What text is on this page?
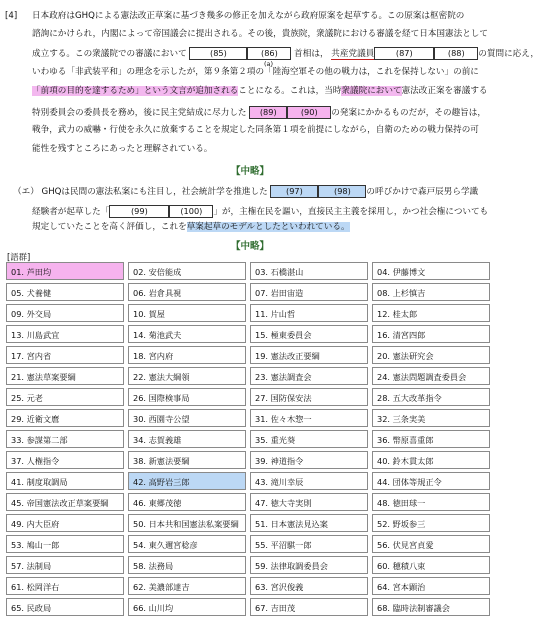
[4] 日本政府はGHQによる憲法改正草案に基づき幾多の修正を加えながら政府原案を起草する。この原案は枢密院の
諮詢にかけられ，内閣によって帝国議会に提出される。その後，貴族院，衆議院における審議を経て日本国憲法として
成立する。この衆議院での審議において	(85)	(86) 首相は， 共産党議員	(87)	(88) の質問に応え，
(a)
いわゆる「非武装平和」の理念を示したが，第９条第２項の「陸海空軍その他の戦力は，これを保持しない」の前に
「前項の目的を達するため」という文言が追加されることになる。これは，当時衆議院において憲法改正案を審議する
特別委員会の委員長を務め，後に民主党結成に尽力した (89)	(90) の発案にかかるものだが，その趣旨は，
戦争，武力の威嚇・行使を永久に放棄することを規定した同条第１項を前提にしながら，自衛のための戦力保持の可
能性を残すところにあったと理解されている。
【中略】
（エ） GHQは民間の憲法私案にも注目し，社会統計学を推進した (97)	(98) の呼びかけで森戸辰男ら学識
経験者が起草した「	(99)	(100) 」が，主権在民を謳い，直接民主主義を採用し，かつ社会権についても
規定していたことを高く評価し，これを草案起草のモデルとしたといわれている。
【中略】
[語群]
01. 芦田均	02. 安倍能成	03. 石橋湛山	04. 伊藤博文
05. 犬養健	06. 岩倉具視	07. 岩田宙造	08. 上杉慎吉
09. 外交局	10. 賀屋	11. 片山哲	12. 桂太郎
13. 川島武宜	14. 菊池武夫	15. 極東委員会	16. 清宮四郎
17. 宮内省	18. 宮内府	19. 憲法改正要綱	20. 憲法研究会
21. 憲法草案要綱	22. 憲法大綱領	23. 憲法調査会	24. 憲法問題調査委員会
25. 元老	26. 国際検事局	27. 国防保安法	28. 五大改革指令
29. 近衛文麿	30. 西園寺公望	31. 佐々木惣一	32. 三条実美
33. 参謀第二部	34. 志賀義雄	35. 重光葵	36. 幣原喜重郎
37. 人権指令	38. 新憲法要綱	39. 神道指令	40. 鈴木貫太郎
41. 制度取調局	42. 高野岩三郎	43. 滝川幸辰	44. 団体等規正令
45. 帝国憲法改正草案要綱	46. 東郷茂徳	47. 徳大寺実則	48. 徳田球一
49. 内大臣府	50. 日本共和国憲法私案要綱	51. 日本憲法見込案	52. 野坂参三
53. 鳩山一郎	54. 東久邇宮稔彦	55. 平沼騏一郎	56. 伏見宮貞愛
57. 法制局	58. 法務局	59. 法律取調委員会	60. 穂積八束
61. 松岡洋右	62. 美濃部達吉	63. 宮沢俊義	64. 宮本顕治
65. 民政局	66. 山川均	67. 吉田茂	68. 臨時法制審議会
